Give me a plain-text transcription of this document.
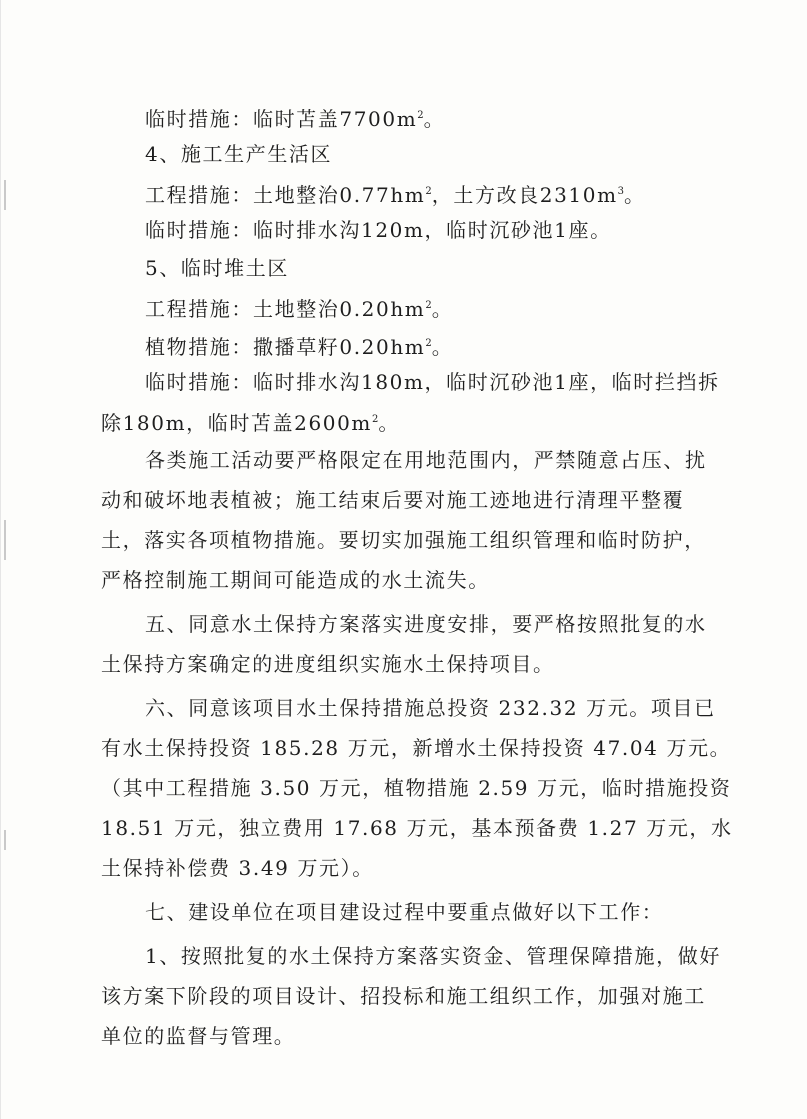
临时措施：临时苫盖$7700m^2$。
4、施工生产生活区
工程措施：土地整治$0.77hm^2$，土方改良$2310m^3$。
临时措施：临时排水沟120m，临时沉砂池1座。
5、临时堆土区
工程措施：土地整治$0.20hm^2$。
植物措施：撒播草籽$0.20hm^2$。
临时措施：临时排水沟180m，临时沉砂池1座，临时拦挡拆
除180m，临时苫盖$2600m^2$。
各类施工活动要严格限定在用地范围内，严禁随意占压、扰
动和破坏地表植被；施工结束后要对施工迹地进行清理平整覆
土，落实各项植物措施。要切实加强施工组织管理和临时防护，
严格控制施工期间可能造成的水土流失。
五、同意水土保持方案落实进度安排，要严格按照批复的水
土保持方案确定的进度组织实施水土保持项目。
六、同意该项目水土保持措施总投资 232.32 万元。项目已
有水土保持投资 185.28 万元，新增水土保持投资 47.04 万元。
（其中工程措施 3.50 万元，植物措施 2.59 万元，临时措施投资
18.51 万元，独立费用 17.68 万元，基本预备费 1.27 万元，水
土保持补偿费 3.49 万元）。
七、建设单位在项目建设过程中要重点做好以下工作：
1、按照批复的水土保持方案落实资金、管理保障措施，做好
该方案下阶段的项目设计、招投标和施工组织工作，加强对施工
单位的监督与管理。
